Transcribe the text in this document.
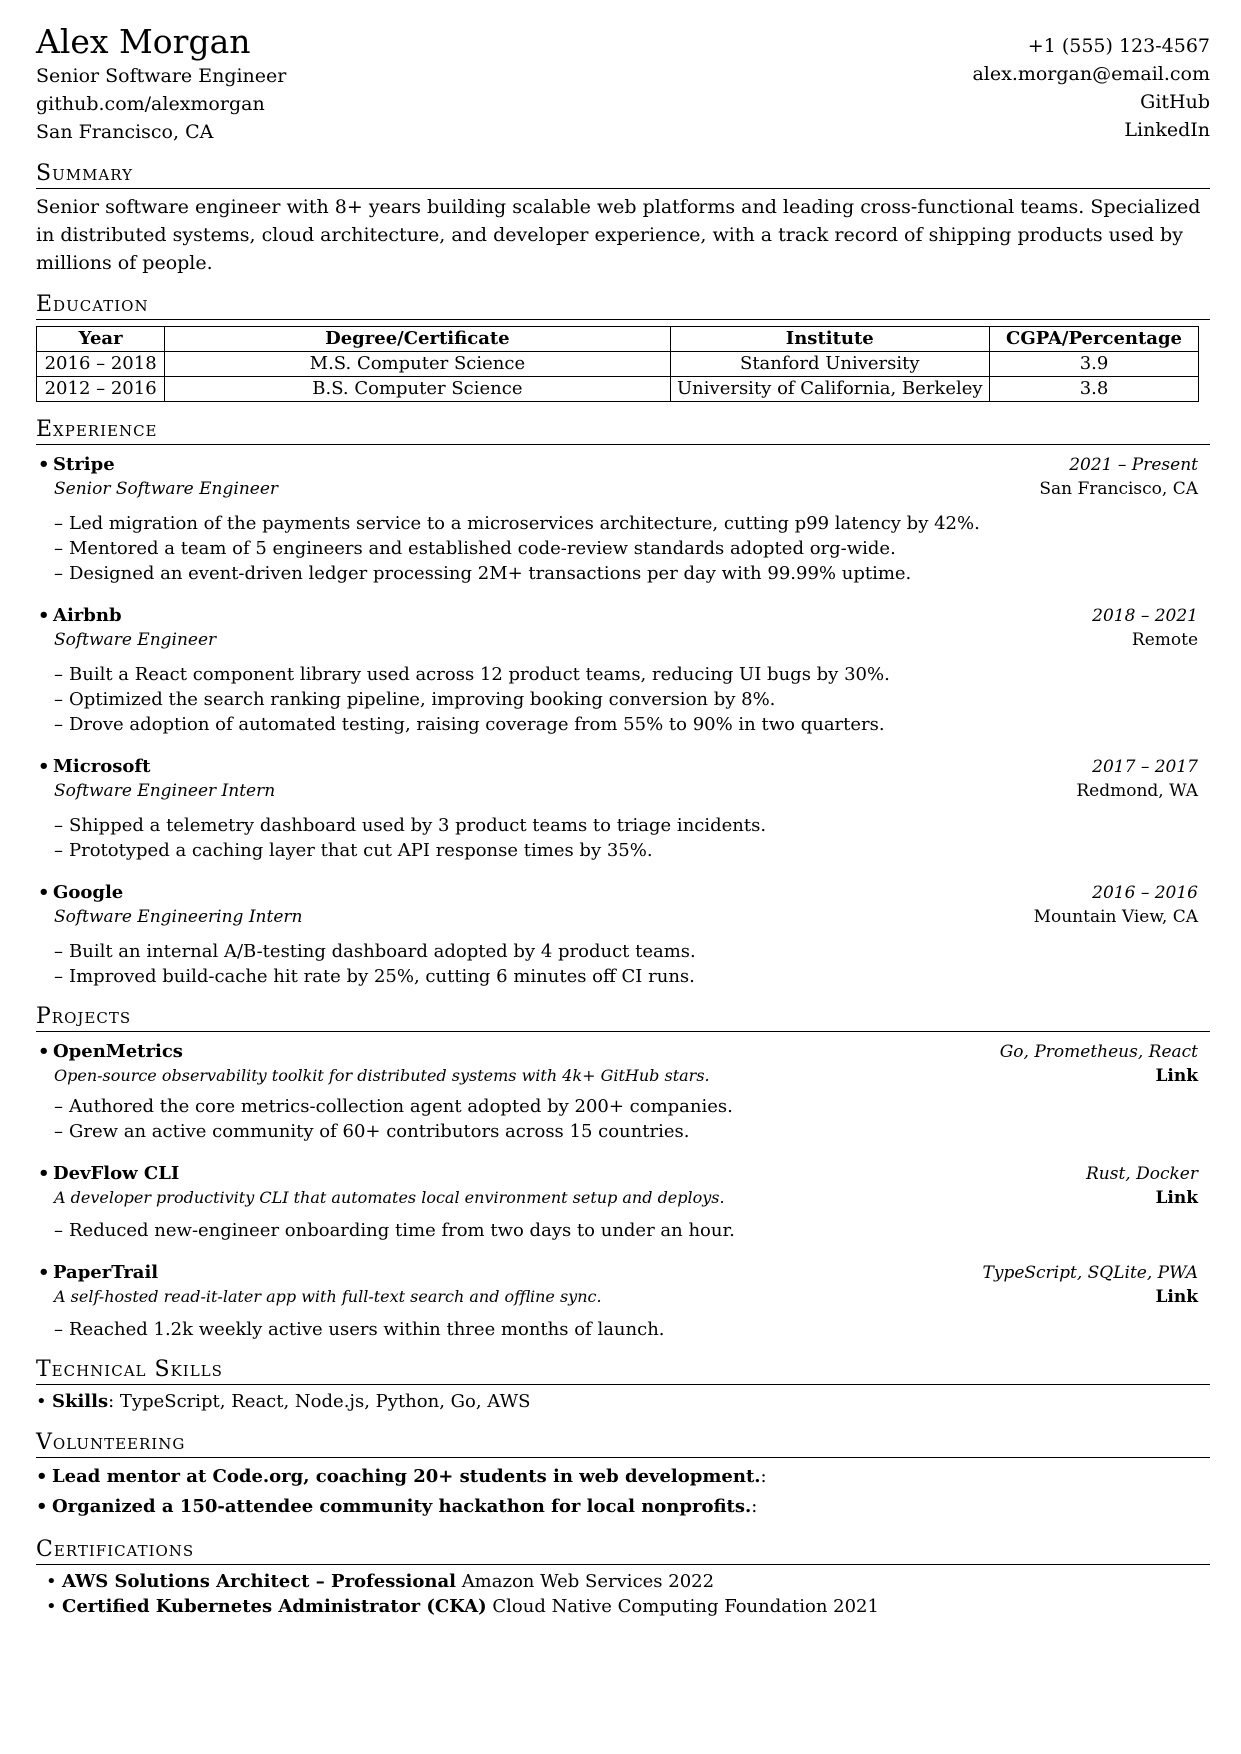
Alex Morgan
Senior Software Engineer
github.com/alexmorgan
San Francisco, CA
+1 (555) 123-4567
alex.morgan@email.com
GitHub
LinkedIn
Summary
Senior software engineer with 8+ years building scalable web platforms and leading cross-functional teams. Specialized in distributed systems, cloud architecture, and developer experience, with a track record of shipping products used by millions of people.
Education
Year	Degree/Certificate	Institute	CGPA/Percentage
2016 – 2018	M.S. Computer Science	Stanford University	3.9
2012 – 2016	B.S. Computer Science	University of California, Berkeley	3.8
Experience
• Stripe	2021 – Present
Senior Software Engineer	San Francisco, CA
– Led migration of the payments service to a microservices architecture, cutting p99 latency by 42%.
– Mentored a team of 5 engineers and established code-review standards adopted org-wide.
– Designed an event-driven ledger processing 2M+ transactions per day with 99.99% uptime.
• Airbnb	2018 – 2021
Software Engineer	Remote
– Built a React component library used across 12 product teams, reducing UI bugs by 30%.
– Optimized the search ranking pipeline, improving booking conversion by 8%.
– Drove adoption of automated testing, raising coverage from 55% to 90% in two quarters.
• Microsoft	2017 – 2017
Software Engineer Intern	Redmond, WA
– Shipped a telemetry dashboard used by 3 product teams to triage incidents.
– Prototyped a caching layer that cut API response times by 35%.
• Google	2016 – 2016
Software Engineering Intern	Mountain View, CA
– Built an internal A/B-testing dashboard adopted by 4 product teams.
– Improved build-cache hit rate by 25%, cutting 6 minutes off CI runs.
Projects
• OpenMetrics	Go, Prometheus, React
Open-source observability toolkit for distributed systems with 4k+ GitHub stars.	Link
– Authored the core metrics-collection agent adopted by 200+ companies.
– Grew an active community of 60+ contributors across 15 countries.
• DevFlow CLI	Rust, Docker
A developer productivity CLI that automates local environment setup and deploys.	Link
– Reduced new-engineer onboarding time from two days to under an hour.
• PaperTrail	TypeScript, SQLite, PWA
A self-hosted read-it-later app with full-text search and offline sync.	Link
– Reached 1.2k weekly active users within three months of launch.
Technical Skills
• Skills: TypeScript, React, Node.js, Python, Go, AWS
Volunteering
• Lead mentor at Code.org, coaching 20+ students in web development.:
• Organized a 150-attendee community hackathon for local nonprofits.:
Certifications
• AWS Solutions Architect – Professional Amazon Web Services 2022
• Certified Kubernetes Administrator (CKA) Cloud Native Computing Foundation 2021
